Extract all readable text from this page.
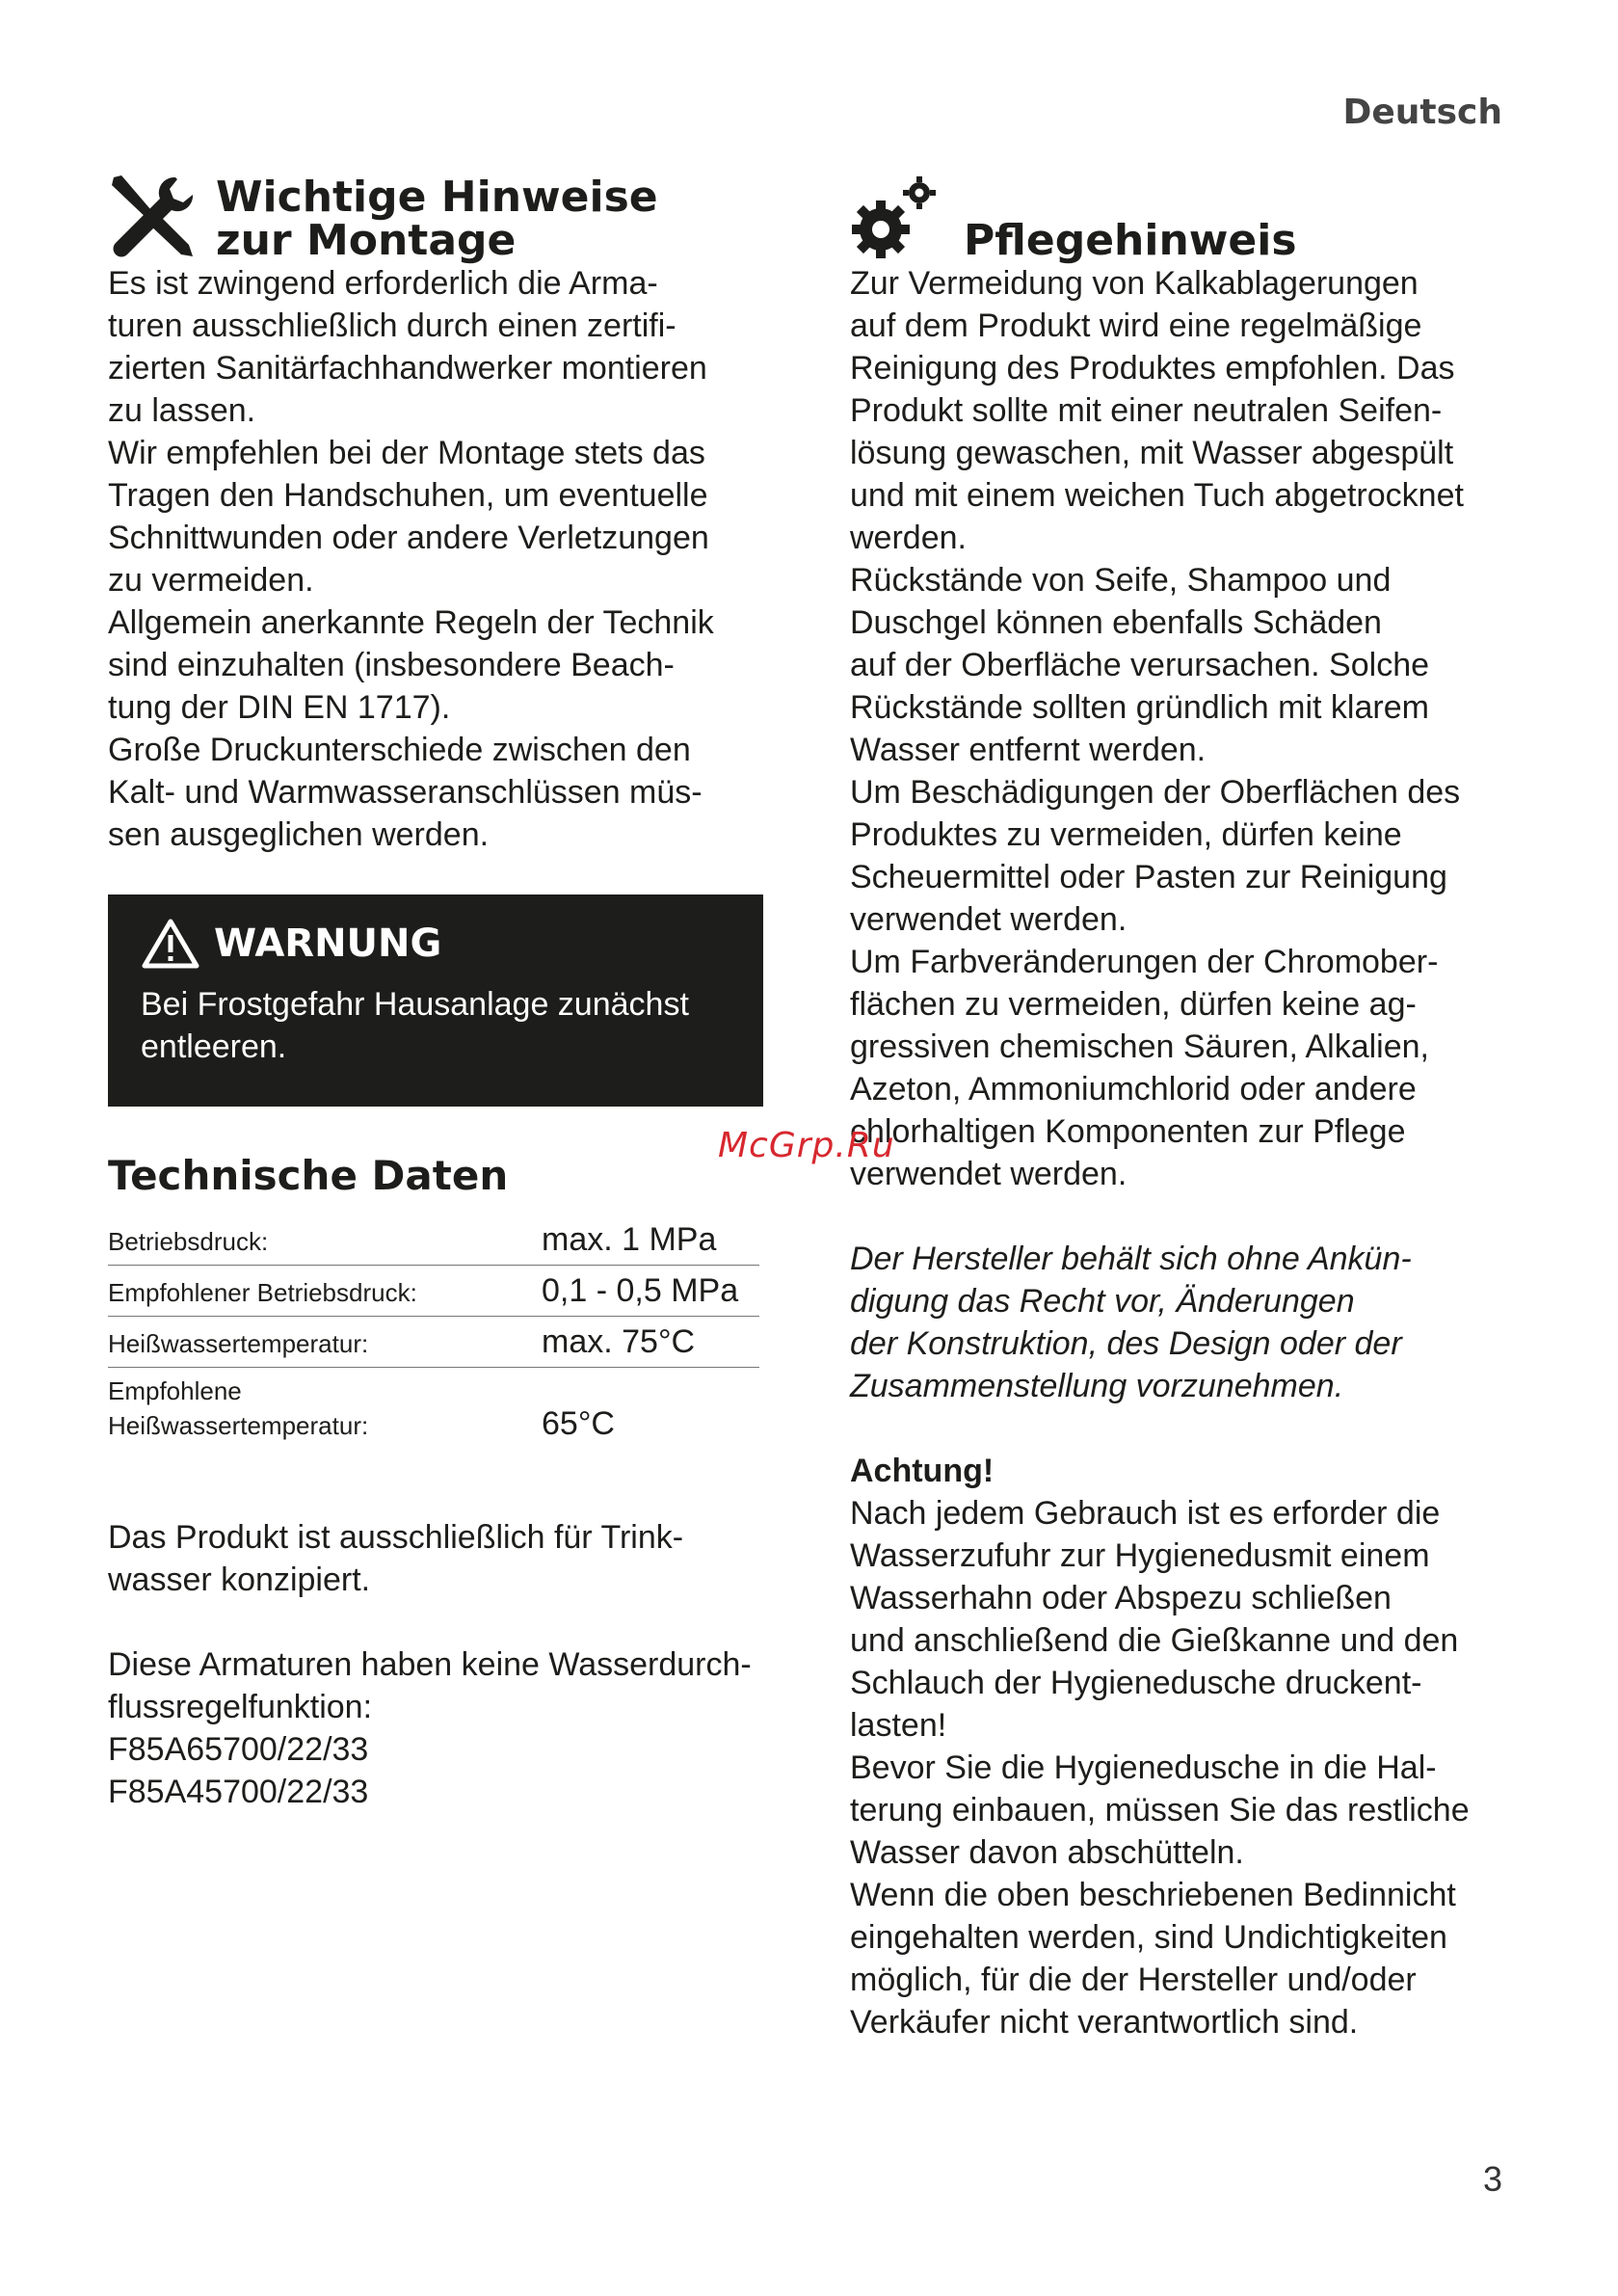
Deutsch
Wichtige Hinweise
zur Montage

Es ist zwingend erforderlich die Arma-
turen ausschließlich durch einen zertifi-
zierten Sanitärfachhandwerker montieren
zu lassen.

Wir empfehlen bei der Montage stets das
Tragen den Handschuhen, um eventuelle
Schnittwunden oder andere Verletzungen
zu vermeiden.

Allgemein anerkannte Regeln der Technik
sind einzuhalten (insbesondere Beach-
tung der DIN EN 1717).

Große Druckunterschiede zwischen den
Kalt- und Warmwasseranschlüssen müs-
sen ausgeglichen werden.

WARNUNG
Bei Frostgefahr Hausanlage zunächst
entleeren.
Technische Daten
Betriebsdruck:	max. 1 MPa
Empfohlener Betriebsdruck:	0,1 - 0,5 MPa
Heißwassertemperatur:	max. 75°C

Empfohlene
Heißwassertemperatur:	65°C
Das Produkt ist ausschließlich für Trink-
wasser konzipiert.
Diese Armaturen haben keine Wasserdurch-
flussregelfunktion:
F85A65700/22/33
F85A45700/22/33
Pflegehinweis

Zur Vermeidung von Kalkablagerungen
auf dem Produkt wird eine regelmäßige
Reinigung des Produktes empfohlen. Das
Produkt sollte mit einer neutralen Seifen-
lösung gewaschen, mit Wasser abgespült
und mit einem weichen Tuch abgetrocknet
werden.

Rückstände von Seife, Shampoo und
Duschgel können ebenfalls Schäden
auf der Oberfläche verursachen. Solche
Rückstände sollten gründlich mit klarem
Wasser entfernt werden.

Um Beschädigungen der Oberflächen des
Produktes zu vermeiden, dürfen keine
Scheuermittel oder Pasten zur Reinigung
verwendet werden.

Um Farbveränderungen der Chromober-
flächen zu vermeiden, dürfen keine ag-
gressiven chemischen Säuren, Alkalien,
Azeton, Ammoniumchlorid oder andere
chlorhaltigen Komponenten zur Pflege
verwendet werden.

Der Hersteller behält sich ohne Ankün-
digung das Recht vor, Änderungen
der Konstruktion, des Design oder der
Zusammenstellung vorzunehmen.
Achtung!

Nach jedem Gebrauch ist es erforder die
Wasserzufuhr zur Hygienedusmit einem
Wasserhahn oder Abspezu schließen
und anschließend die Gießkanne und den
Schlauch der Hygienedusche druckent-
lasten!

Bevor Sie die Hygienedusche in die Hal-
terung einbauen, müssen Sie das restliche
Wasser davon abschütteln.

Wenn die oben beschriebenen Bedinnicht
eingehalten werden, sind Undichtigkeiten
möglich, für die der Hersteller und/oder
Verkäufer nicht verantwortlich sind.

McGrp.Ru
3
